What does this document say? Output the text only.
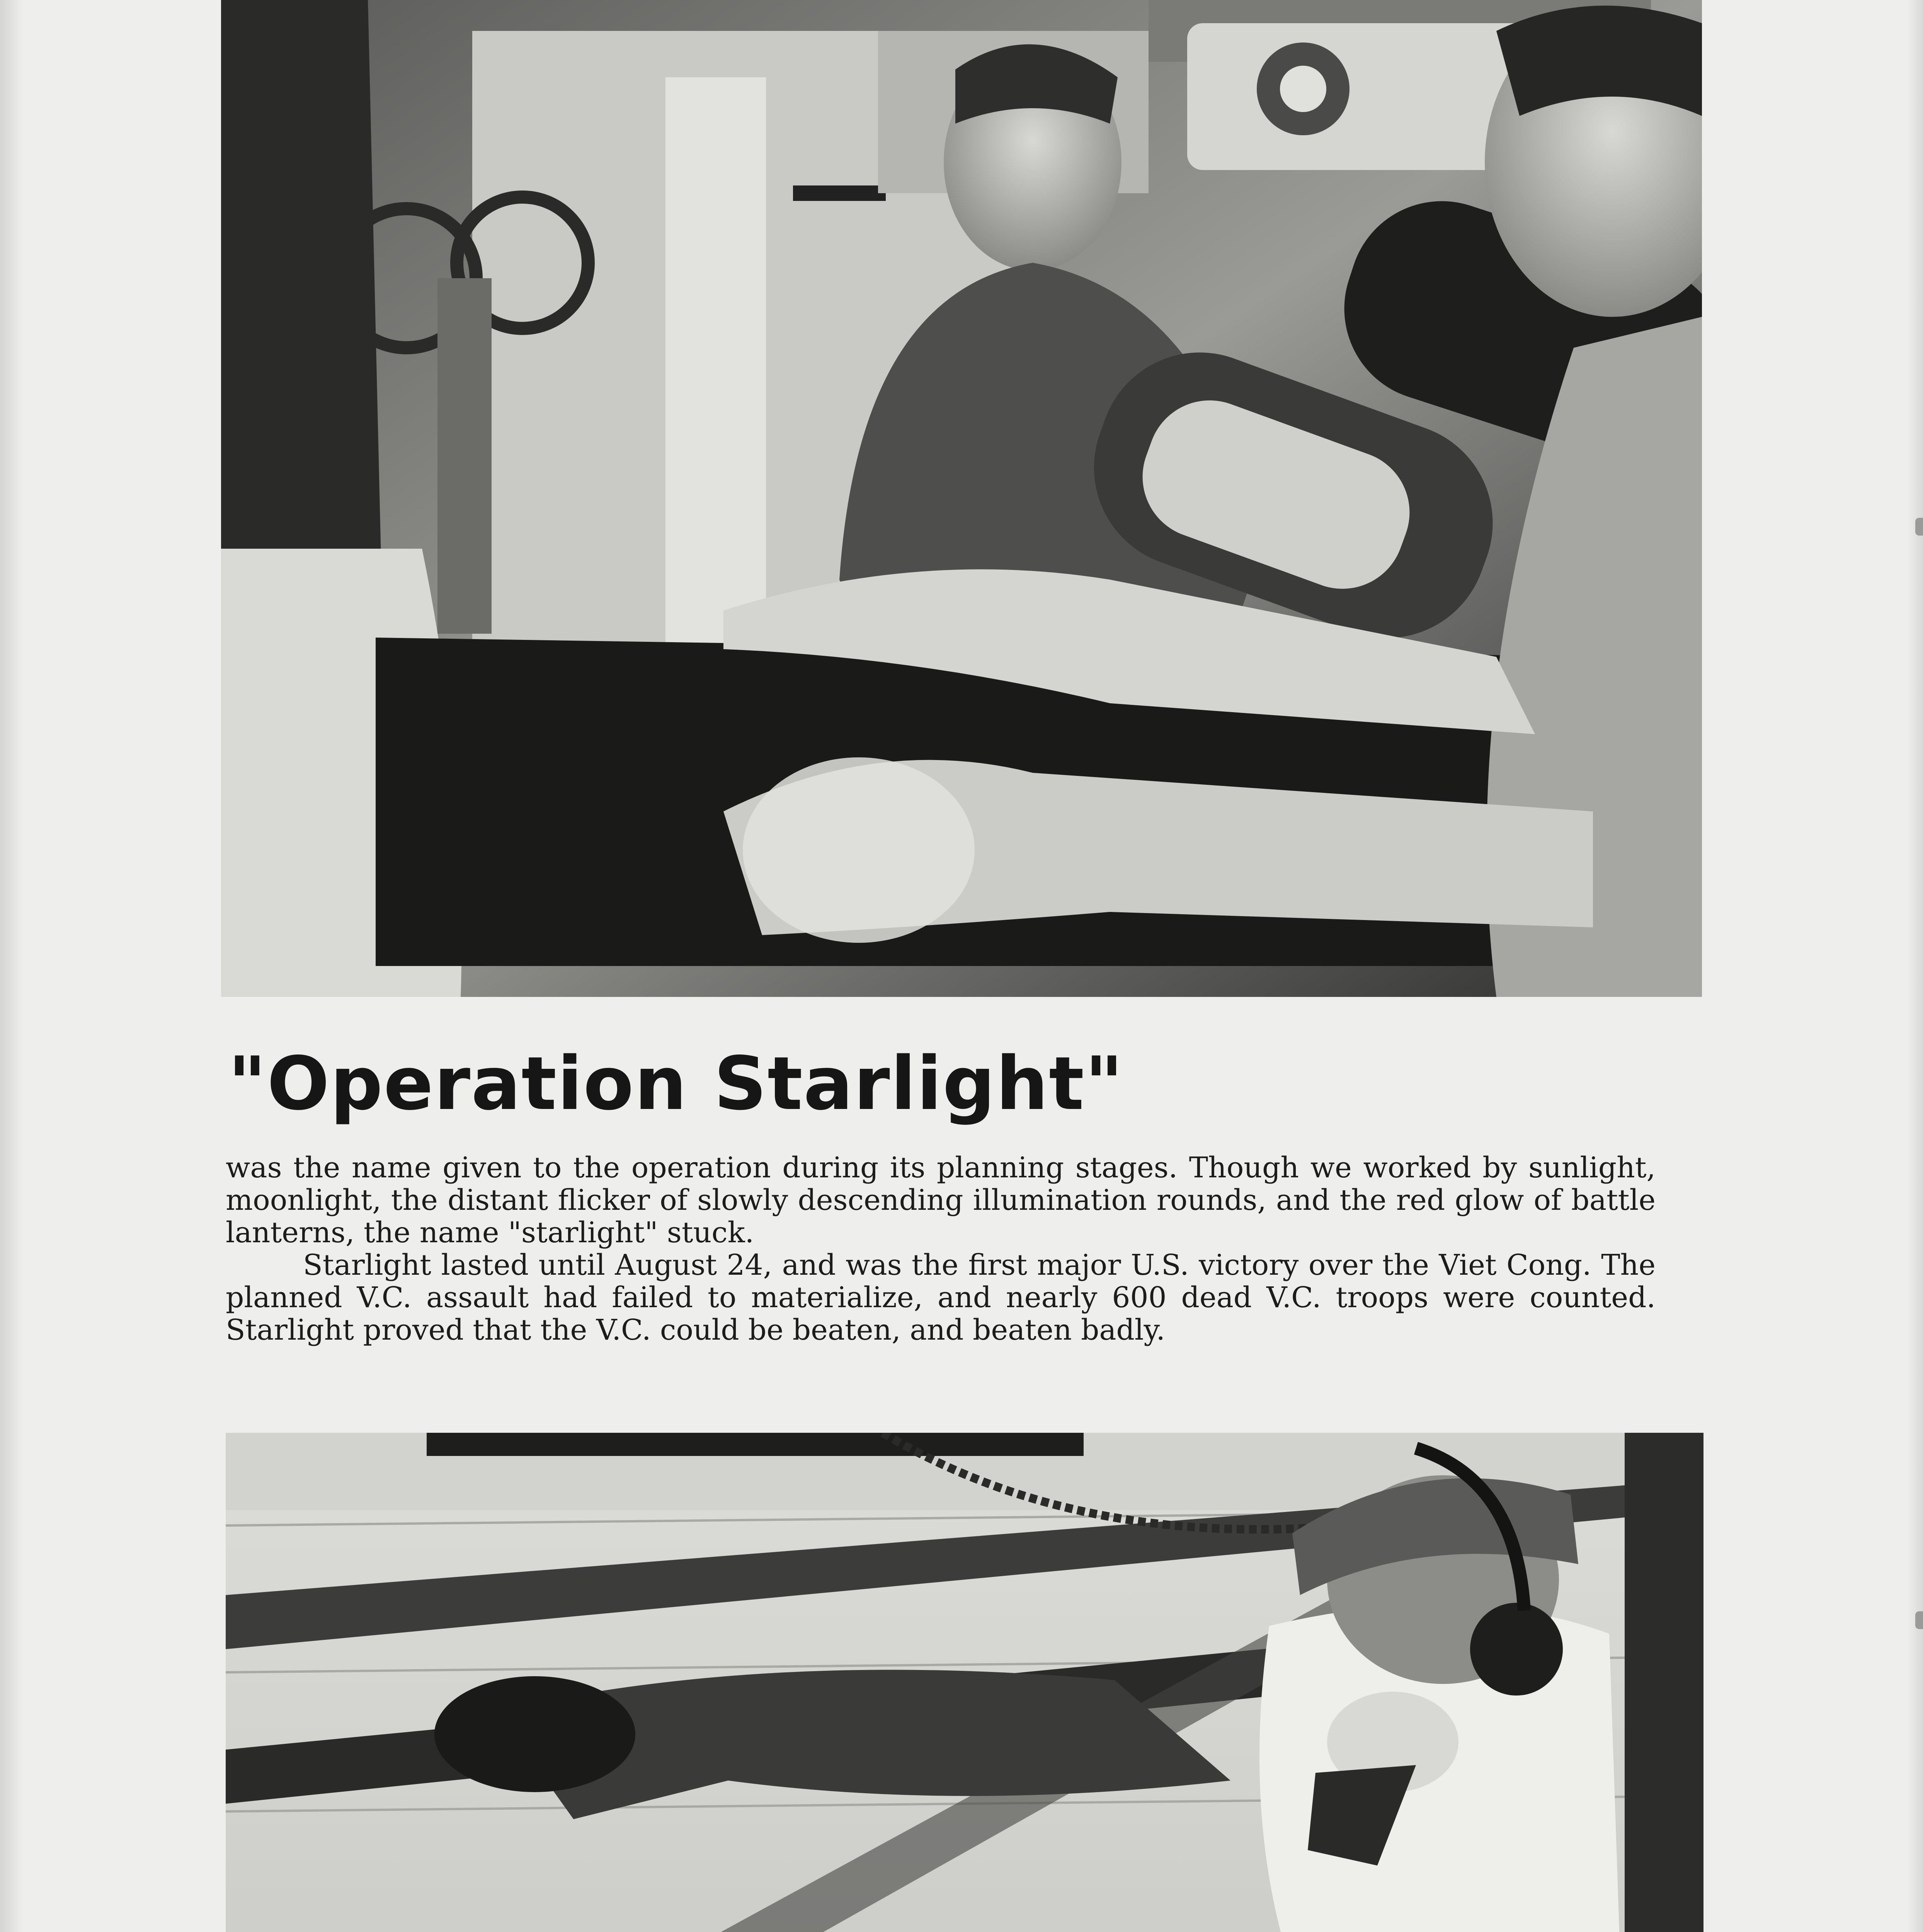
"Operation Starlight"

was the name given to the operation during its planning stages. Though we worked by sunlight, moonlight, the distant flicker of slowly descending illumination rounds, and the red glow of battle lanterns, the name "starlight" stuck.

Starlight lasted until August 24, and was the first major U.S. victory over the Viet Cong. The planned V.C. assault had failed to materialize, and nearly 600 dead V.C. troops were counted. Starlight proved that the V.C. could be beaten, and beaten badly.
